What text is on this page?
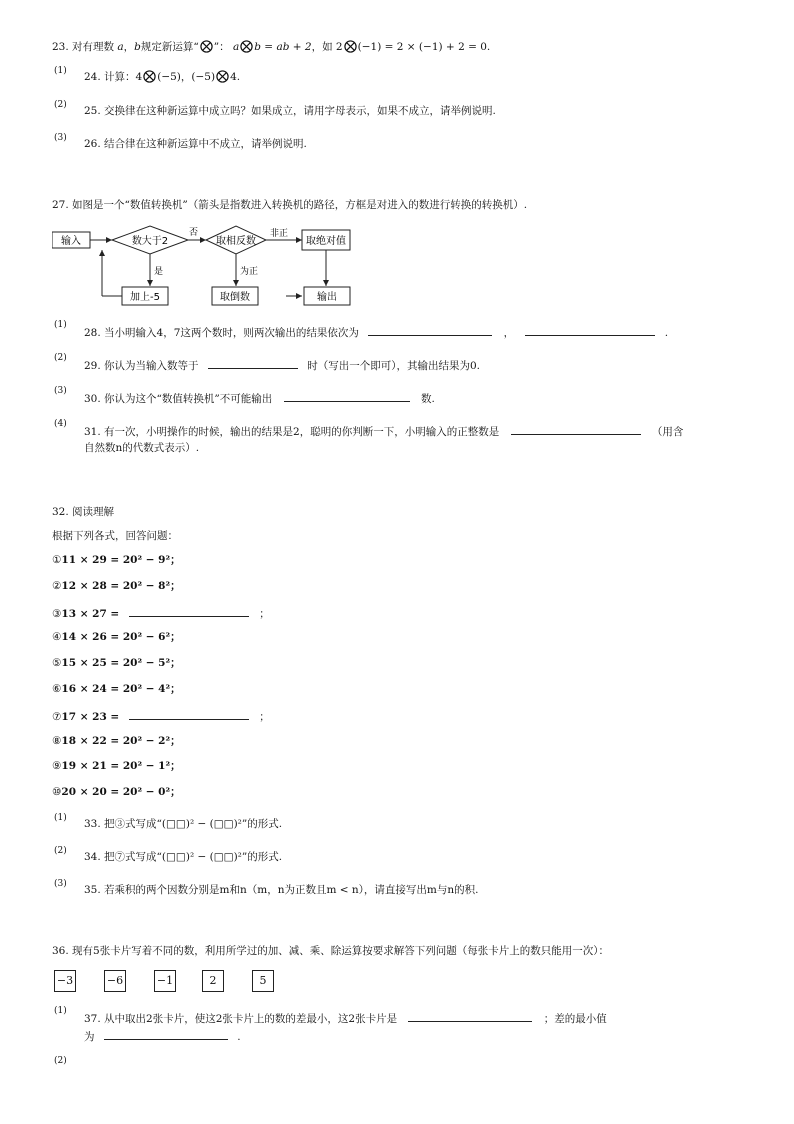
23. 对有理数 a，b规定新运算“ ”： a b = ab + 2，如 2 (−1) = 2 × (−1) + 2 = 0.
(1) 24. 计算：4 (−5)，(−5) 4.
(2) 25. 交换律在这种新运算中成立吗？如果成立，请用字母表示，如果不成立，请举例说明.
(3) 26. 结合律在这种新运算中不成立，请举例说明.
27. 如图是一个“数值转换机”（箭头是指数进入转换机的路径，方框是对进入的数进行转换的转换机）.
输入	数大于2
否
取相反数
非正
取绝对值
是
加上-5
为正
取倒数	输出
(1)
28. 当小明输入4，7这两个数时，则两次输出的结果依次为	，	.
(2)
29. 你认为当输入数等于	时（写出一个即可），其输出结果为0.
(3)
30. 你认为这个“数值转换机”不可能输出	数.
(4)
31. 有一次，小明操作的时候，输出的结果是2，聪明的你判断一下，小明输入的正整数是	（用含
自然数n的代数式表示）.
32. 阅读理解
根据下列各式，回答问题：
①11 × 29 = 20² − 9²；
②12 × 28 = 20² − 8²；
③13 × 27 =	；
④14 × 26 = 20² − 6²；
⑤15 × 25 = 20² − 5²；
⑥16 × 24 = 20² − 4²；
⑦17 × 23 =	；
⑧18 × 22 = 20² − 2²；
⑨19 × 21 = 20² − 1²；
⑩20 × 20 = 20² − 0²；
(1) 33. 把③式写成“(□□)² − (□□)²”的形式.
(2) 34. 把⑦式写成“(□□)² − (□□)²”的形式.
(3) 35. 若乘积的两个因数分别是m和n（m，n为正数且m < n），请直接写出m与n的积.
36. 现有5张卡片写着不同的数，利用所学过的加、减、乘、除运算按要求解答下列问题（每张卡片上的数只能用一次）：
−3	−6	−1	2	5
(1)
37. 从中取出2张卡片，使这2张卡片上的数的差最小，这2张卡片是	；差的最小值
为	.
(2)
